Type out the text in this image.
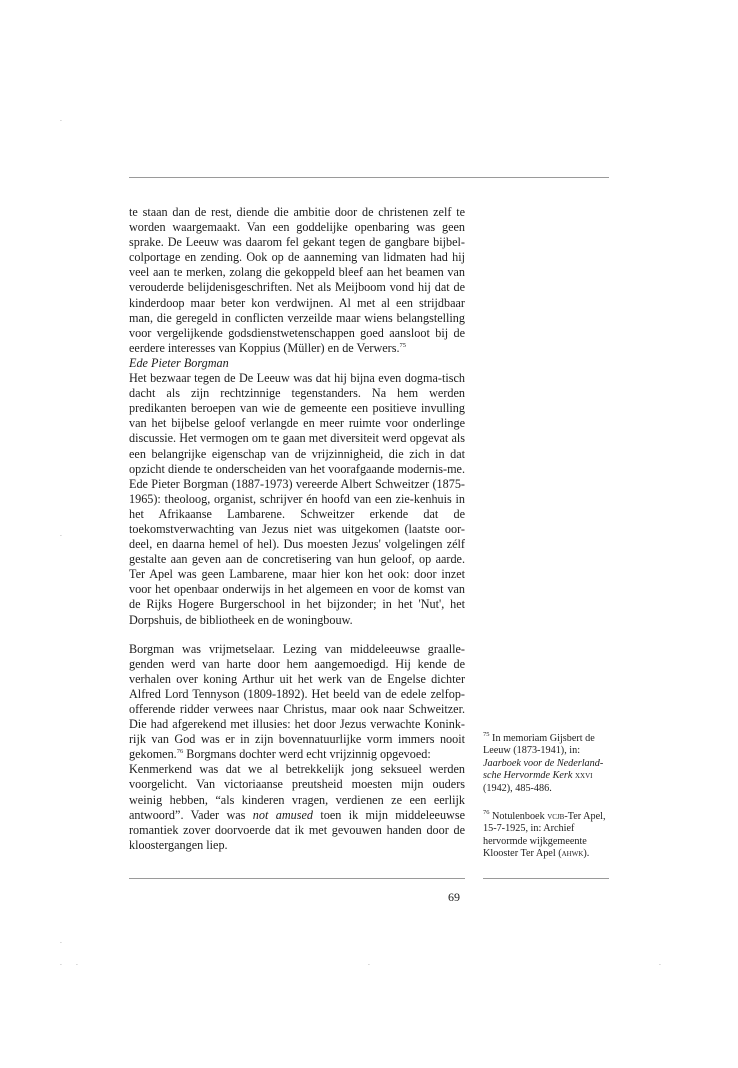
te staan dan de rest, diende die ambitie door de christenen zelf te worden waargemaakt. Van een goddelijke openbaring was geen sprake. De Leeuw was daarom fel gekant tegen de gangbare bijbel-colportage en zending. Ook op de aanneming van lidmaten had hij veel aan te merken, zolang die gekoppeld bleef aan het beamen van verouderde belijdenisgeschriften. Net als Meijboom vond hij dat de kinderdoop maar beter kon verdwijnen. Al met al een strijdbaar man, die geregeld in conflicten verzeilde maar wiens belangstelling voor vergelijkende godsdienstwetenschappen goed aansloot bij de eerdere interesses van Koppius (Müller) en de Verwers.$^{75}$

Ede Pieter Borgman

Het bezwaar tegen de De Leeuw was dat hij bijna even dogma-tisch dacht als zijn rechtzinnige tegenstanders. Na hem werden predikanten beroepen van wie de gemeente een positieve invulling van het bijbelse geloof verlangde en meer ruimte voor onderlinge discussie. Het vermogen om te gaan met diversiteit werd opgevat als een belangrijke eigenschap van de vrijzinnigheid, die zich in dat opzicht diende te onderscheiden van het voorafgaande modernis-me. Ede Pieter Borgman (1887-1973) vereerde Albert Schweitzer (1875-1965): theoloog, organist, schrijver én hoofd van een zie-kenhuis in het Afrikaanse Lambarene. Schweitzer erkende dat de toekomstverwachting van Jezus niet was uitgekomen (laatste oor-deel, en daarna hemel of hel). Dus moesten Jezus' volgelingen zélf gestalte aan geven aan de concretisering van hun geloof, op aarde. Ter Apel was geen Lambarene, maar hier kon het ook: door inzet voor het openbaar onderwijs in het algemeen en voor de komst van de Rijks Hogere Burgerschool in het bijzonder; in het 'Nut', het Dorpshuis, de bibliotheek en de woningbouw.

Borgman was vrijmetselaar. Lezing van middeleeuwse graalle-genden werd van harte door hem aangemoedigd. Hij kende de verhalen over koning Arthur uit het werk van de Engelse dichter Alfred Lord Tennyson (1809-1892). Het beeld van de edele zelfop-offerende ridder verwees naar Christus, maar ook naar Schweitzer. Die had afgerekend met illusies: het door Jezus verwachte Konink-rijk van God was er in zijn bovennatuurlijke vorm immers nooit gekomen.$^{76}$ Borgmans dochter werd echt vrijzinnig opgevoed:

Kenmerkend was dat we al betrekkelijk jong seksueel werden voorgelicht. Van victoriaanse preutsheid moesten mijn ouders weinig hebben, “als kinderen vragen, verdienen ze een eerlijk antwoord”. Vader was not amused toen ik mijn middeleeuwse romantiek zover doorvoerde dat ik met gevouwen handen door de kloostergangen liep.

$^{75}$ In memoriam Gijsbert de Leeuw (1873-1941), in: Jaarboek voor de Nederland-sche Hervormde Kerk xxvi (1942), 485-486.
$^{76}$ Notulenboek vcjb-Ter Apel, 15-7-1925, in: Archief hervormde wijkgemeente Klooster Ter Apel (ahwk).
69
·
·
·
· ·	·	·
